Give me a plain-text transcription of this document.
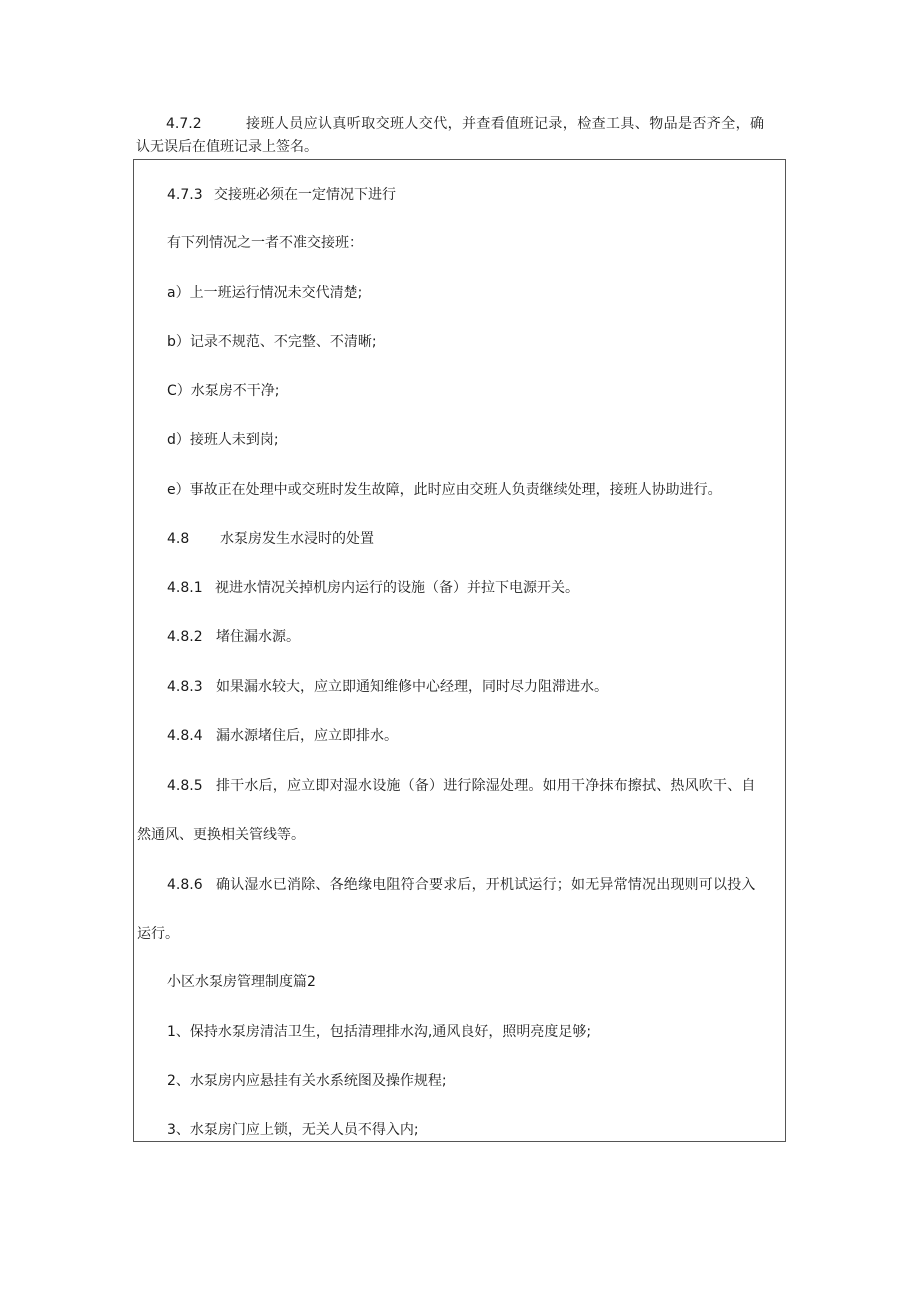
4.7.2	接班人员应认真听取交班人交代，并查看值班记录，检查工具、物品是否齐全，确
认无误后在值班记录上签名。
4.7.3 交接班必须在一定情况下进行
有下列情况之一者不准交接班：
a）上一班运行情况未交代清楚;
b）记录不规范、不完整、不清晰;
C）水泵房不干净;
d）接班人未到岗;
e）事故正在处理中或交班时发生故障，此时应由交班人负责继续处理，接班人协助进行。
4.8 水泵房发生水浸时的处置
4.8.1 视进水情况关掉机房内运行的设施（备）并拉下电源开关。
4.8.2 堵住漏水源。
4.8.3 如果漏水较大，应立即通知维修中心经理，同时尽力阻滞进水。
4.8.4 漏水源堵住后，应立即排水。
4.8.5 排干水后，应立即对湿水设施（备）进行除湿处理。如用干净抹布擦拭、热风吹干、自
然通风、更换相关管线等。
4.8.6 确认湿水已消除、各绝缘电阻符合要求后，开机试运行；如无异常情况出现则可以投入
运行。
小区水泵房管理制度篇2
1、保持水泵房清洁卫生，包括清理排水沟,通风良好，照明亮度足够;
2、水泵房内应悬挂有关水系统图及操作规程;
3、水泵房门应上锁，无关人员不得入内;
